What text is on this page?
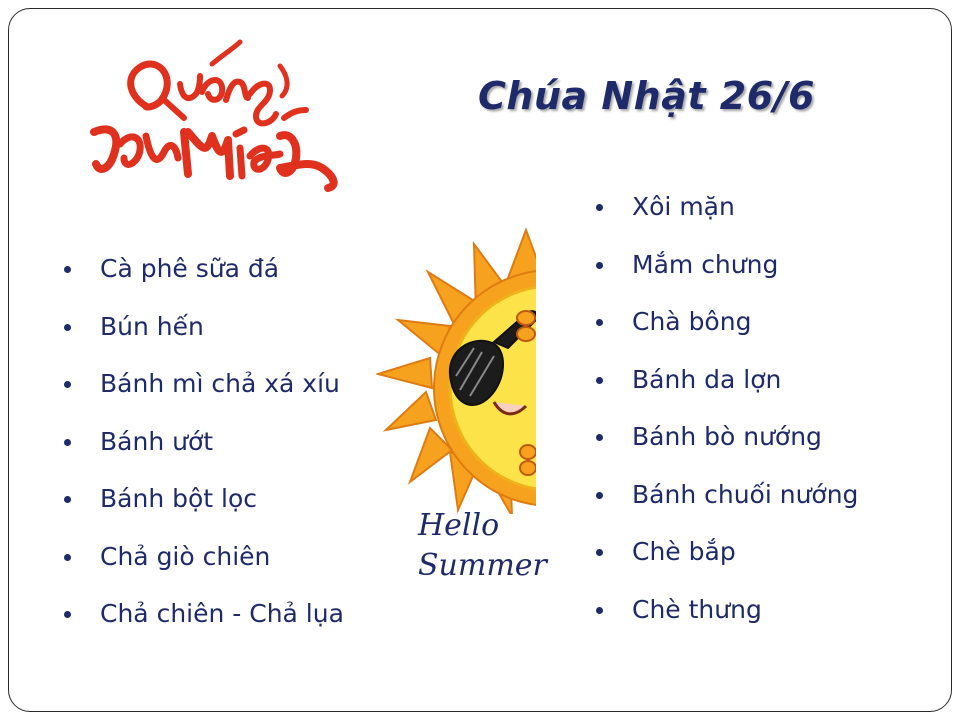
Quán Nam Miền
Chúa Nhật 26/6
Cà phê sữa đá
Bún hến
Bánh mì chả xá xíu
Bánh ướt
Bánh bột lọc
Chả giò chiên
Chả chiên - Chả lụa
Xôi mặn
Mắm chưng
Chà bông
Bánh da lợn
Bánh bò nướng
Bánh chuối nướng
Chè bắp
Chè thưng
Hello
Summer
